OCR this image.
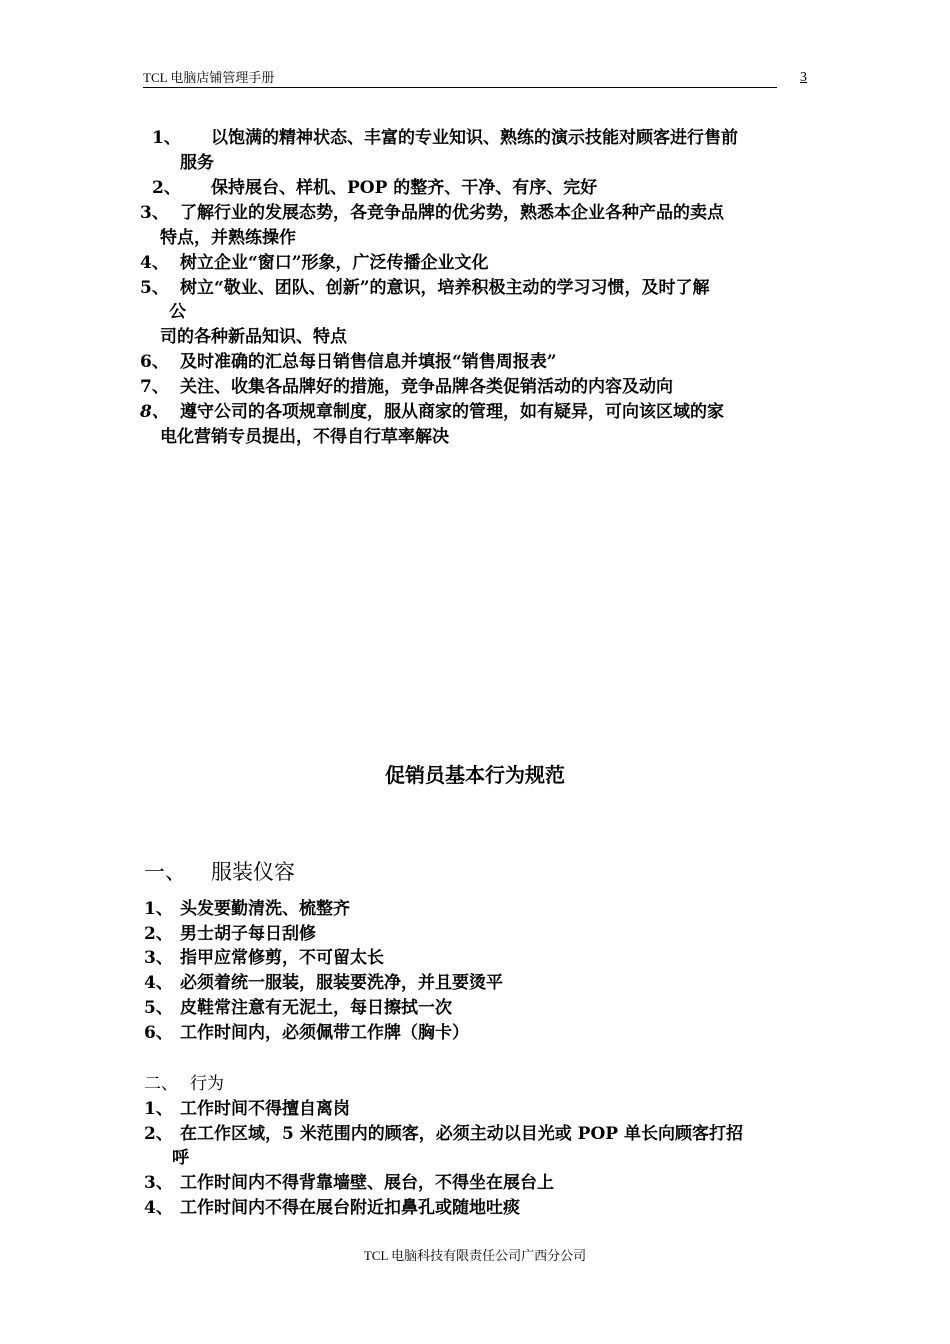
TCL 电脑店铺管理手册	3
1、 以饱满的精神状态、丰富的专业知识、熟练的演示技能对顾客进行售前
服务
2、 保持展台、样机、POP 的整齐、干净、有序、完好
3、 了解行业的发展态势，各竞争品牌的优劣势，熟悉本企业各种产品的卖点
特点，并熟练操作
4、 树立企业“窗口”形象，广泛传播企业文化
5、 树立“敬业、团队、创新”的意识，培养积极主动的学习习惯，及时了解
公
司的各种新品知识、特点
6、 及时准确的汇总每日销售信息并填报“销售周报表”
7、 关注、收集各品牌好的措施，竞争品牌各类促销活动的内容及动向
8、 遵守公司的各项规章制度，服从商家的管理，如有疑异，可向该区域的家
电化营销专员提出，不得自行草率解决
促销员基本行为规范
一、 服装仪容
1、 头发要勤清洗、梳整齐
2、 男士胡子每日刮修
3、 指甲应常修剪，不可留太长
4、 必须着统一服装，服装要洗净，并且要烫平
5、 皮鞋常注意有无泥土，每日擦拭一次
6、 工作时间内，必须佩带工作牌（胸卡）
二、 行为
1、 工作时间不得擅自离岗
2、 在工作区域，5 米范围内的顾客，必须主动以目光或 POP 单长向顾客打招
呼
3、 工作时间内不得背靠墙壁、展台，不得坐在展台上
4、 工作时间内不得在展台附近扣鼻孔或随地吐痰
TCL 电脑科技有限责任公司广西分公司
